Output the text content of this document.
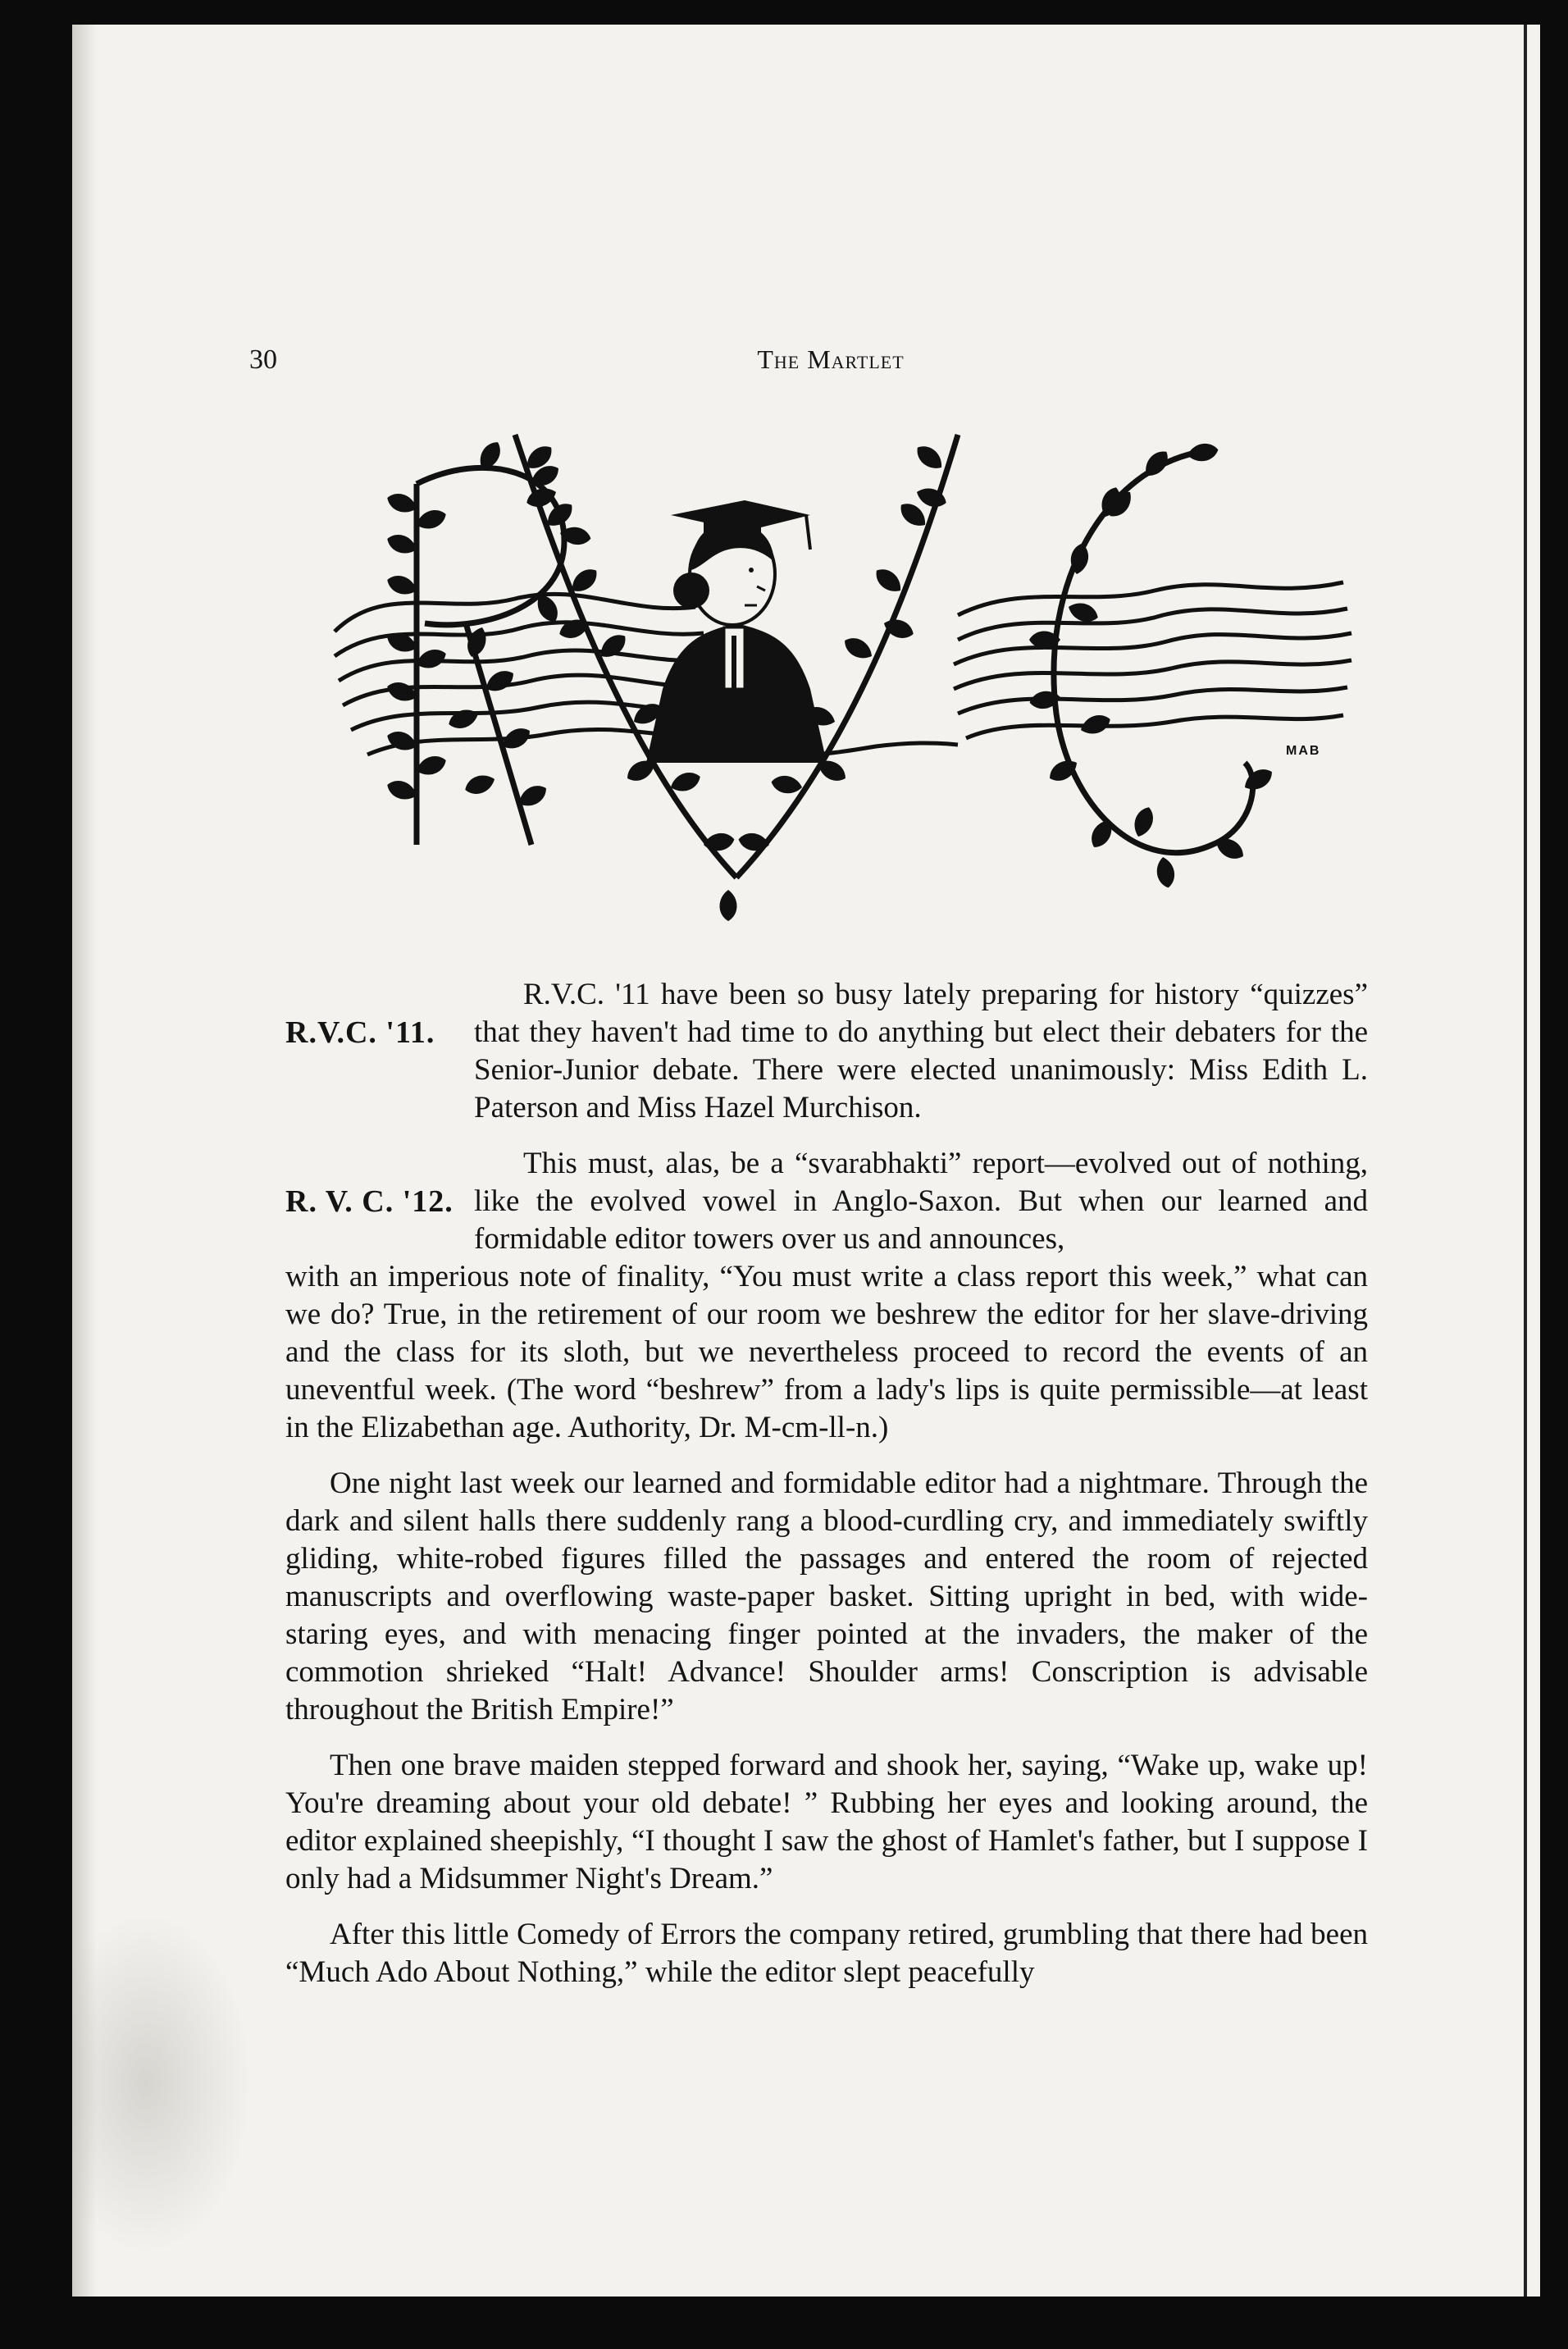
30	The Martlet
MAB
R.V.C. '11.

R.V.C. '11 have been so busy lately preparing for history “quizzes” that they haven't had time to do anything but elect their debaters for the Senior-Junior debate. There were elected unanimously: Miss Edith L. Paterson and Miss Hazel Murchison.

R. V. C. '12.

This must, alas, be a “svarabhakti” report—evolved out of nothing, like the evolved vowel in Anglo-Saxon. But when our learned and formidable editor towers over us and announces,

with an imperious note of finality, “You must write a class report this week,” what can we do? True, in the retirement of our room we beshrew the editor for her slave-driving and the class for its sloth, but we nevertheless proceed to record the events of an uneventful week. (The word “beshrew” from a lady's lips is quite permissible—at least in the Elizabethan age. Authority, Dr. M-cm-ll-n.)

One night last week our learned and formidable editor had a nightmare. Through the dark and silent halls there suddenly rang a blood-curdling cry, and immediately swiftly gliding, white-robed figures filled the passages and entered the room of rejected manuscripts and overflowing waste-paper basket. Sitting upright in bed, with wide-staring eyes, and with menacing finger pointed at the invaders, the maker of the commotion shrieked “Halt! Advance! Shoulder arms! Conscription is advisable throughout the British Empire!”

Then one brave maiden stepped forward and shook her, saying, “Wake up, wake up! You're dreaming about your old debate! ” Rubbing her eyes and looking around, the editor explained sheepishly, “I thought I saw the ghost of Hamlet's father, but I suppose I only had a Midsummer Night's Dream.”

After this little Comedy of Errors the company retired, grumbling that there had been “Much Ado About Nothing,” while the editor slept peacefully
